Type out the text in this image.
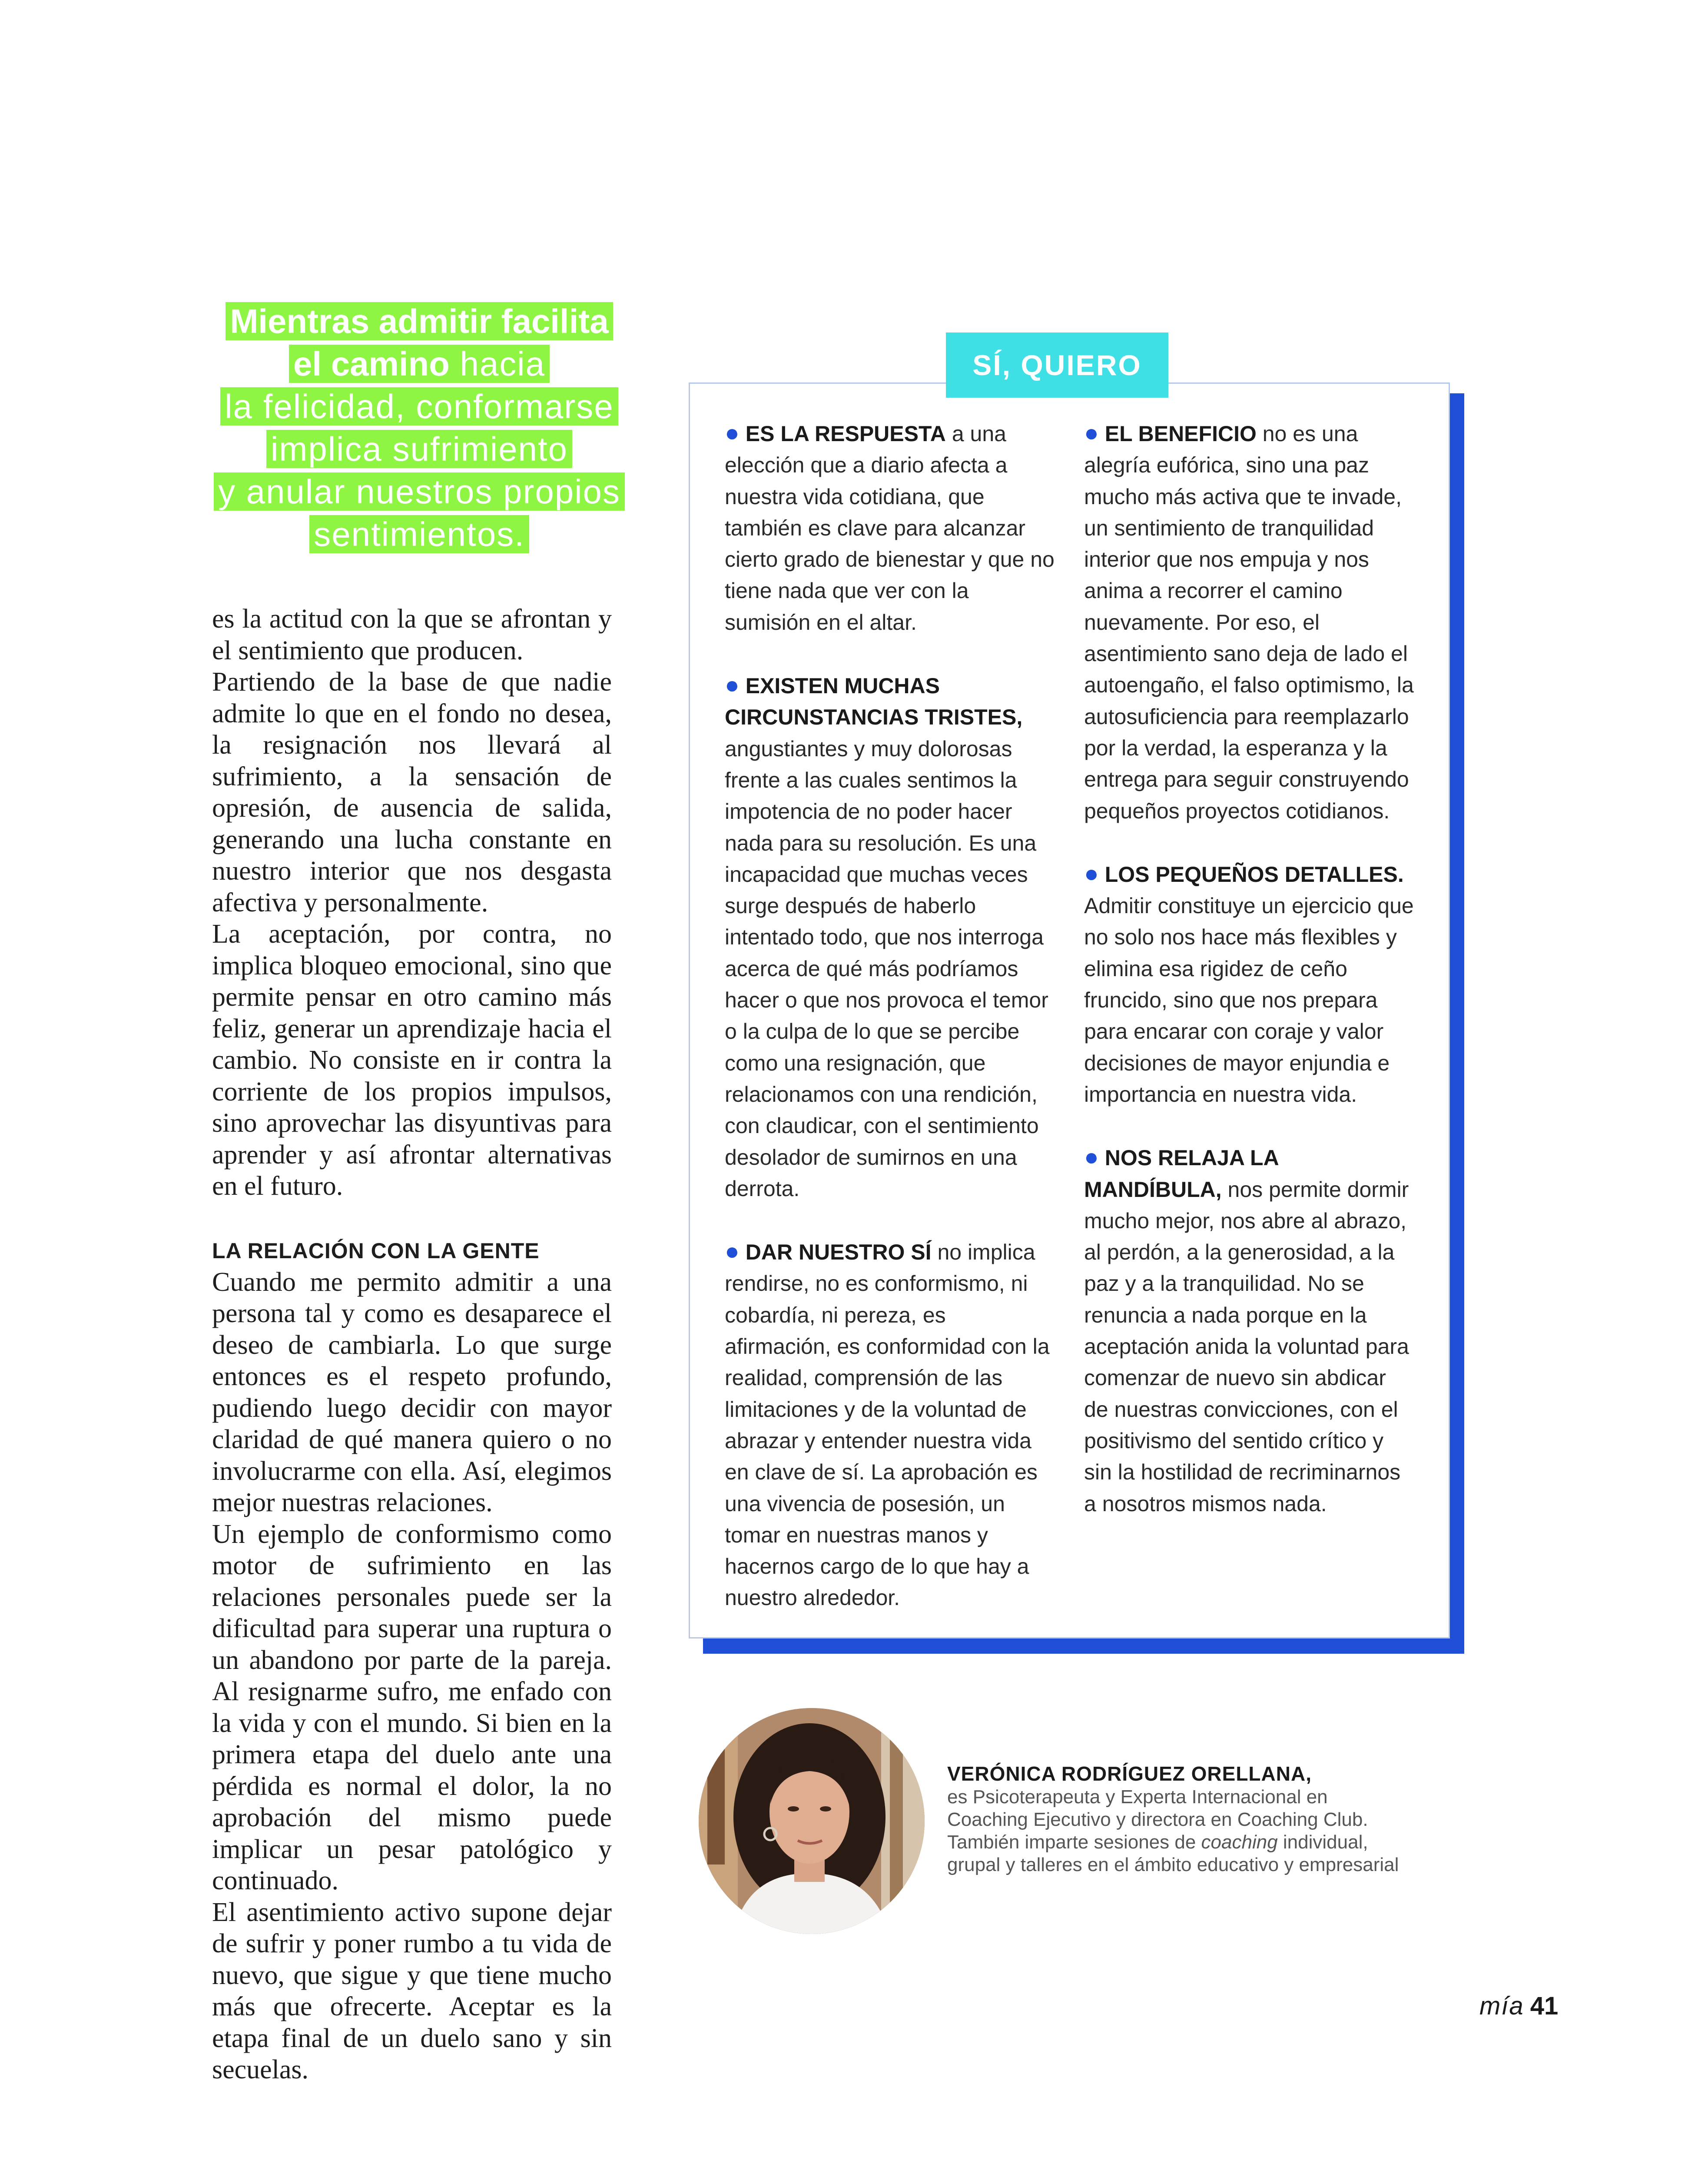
Mientras admitir facilita
el camino hacia
la felicidad, conformarse
implica sufrimiento
y anular nuestros propios
sentimientos.

es la actitud con la que se afrontan y el sentimiento que producen.

Partiendo de la base de que nadie admite lo que en el fondo no desea, la resignación nos llevará al sufrimiento, a la sensación de opresión, de ausencia de salida, generando una lucha constante en nuestro interior que nos desgasta afectiva y personalmente.

La aceptación, por contra, no implica bloqueo emocional, sino que permite pensar en otro camino más feliz, generar un aprendizaje hacia el cambio. No consiste en ir contra la corriente de los propios impulsos, sino aprovechar las disyuntivas para aprender y así afrontar alternativas en el futuro.

LA RELACIÓN CON LA GENTE

Cuando me permito admitir a una persona tal y como es desaparece el deseo de cambiarla. Lo que surge entonces es el respeto profundo, pudiendo luego decidir con mayor claridad de qué manera quiero o no involucrarme con ella. Así, elegimos mejor nuestras relaciones.

Un ejemplo de conformismo como motor de sufrimiento en las relaciones personales puede ser la dificultad para superar una ruptura o un abandono por parte de la pareja. Al resignarme sufro, me enfado con la vida y con el mundo. Si bien en la primera etapa del duelo ante una pérdida es normal el dolor, la no aprobación del mismo puede implicar un pesar patológico y continuado.

El asentimiento activo supone dejar de sufrir y poner rumbo a tu vida de nuevo, que sigue y que tiene mucho más que ofrecerte. Aceptar es la etapa final de un duelo sano y sin secuelas.

SÍ, QUIERO

● ES LA RESPUESTA a una elección que a diario afecta a nuestra vida cotidiana, que también es clave para alcanzar cierto grado de bienestar y que no tiene nada que ver con la sumisión en el altar.

● EXISTEN MUCHAS CIRCUNSTANCIAS TRISTES, angustiantes y muy dolorosas frente a las cuales sentimos la impotencia de no poder hacer nada para su resolución. Es una incapacidad que muchas veces surge después de haberlo intentado todo, que nos interroga acerca de qué más podríamos hacer o que nos provoca el temor o la culpa de lo que se percibe como una resignación, que relacionamos con una rendición, con claudicar, con el sentimiento desolador de sumirnos en una derrota.

● DAR NUESTRO SÍ no implica rendirse, no es conformismo, ni cobardía, ni pereza, es afirmación, es conformidad con la realidad, comprensión de las limitaciones y de la voluntad de abrazar y entender nuestra vida en clave de sí. La aprobación es una vivencia de posesión, un tomar en nuestras manos y hacernos cargo de lo que hay a nuestro alrededor.

● EL BENEFICIO no es una alegría eufórica, sino una paz mucho más activa que te invade, un sentimiento de tranquilidad interior que nos empuja y nos anima a recorrer el camino nuevamente. Por eso, el asentimiento sano deja de lado el autoengaño, el falso optimismo, la autosuficiencia para reemplazarlo por la verdad, la esperanza y la entrega para seguir construyendo pequeños proyectos cotidianos.

● LOS PEQUEÑOS DETALLES. Admitir constituye un ejercicio que no solo nos hace más flexibles y elimina esa rigidez de ceño fruncido, sino que nos prepara para encarar con coraje y valor decisiones de mayor enjundia e importancia en nuestra vida.

● NOS RELAJA LA MANDÍBULA, nos permite dormir mucho mejor, nos abre al abrazo, al perdón, a la generosidad, a la paz y a la tranquilidad. No se renuncia a nada porque en la aceptación anida la voluntad para comenzar de nuevo sin abdicar de nuestras convicciones, con el positivismo del sentido crítico y sin la hostilidad de recriminarnos a nosotros mismos nada.

VERÓNICA RODRÍGUEZ ORELLANA,
es Psicoterapeuta y Experta Internacional en Coaching Ejecutivo y directora en Coaching Club. También imparte sesiones de coaching individual, grupal y talleres en el ámbito educativo y empresarial
mía 41
